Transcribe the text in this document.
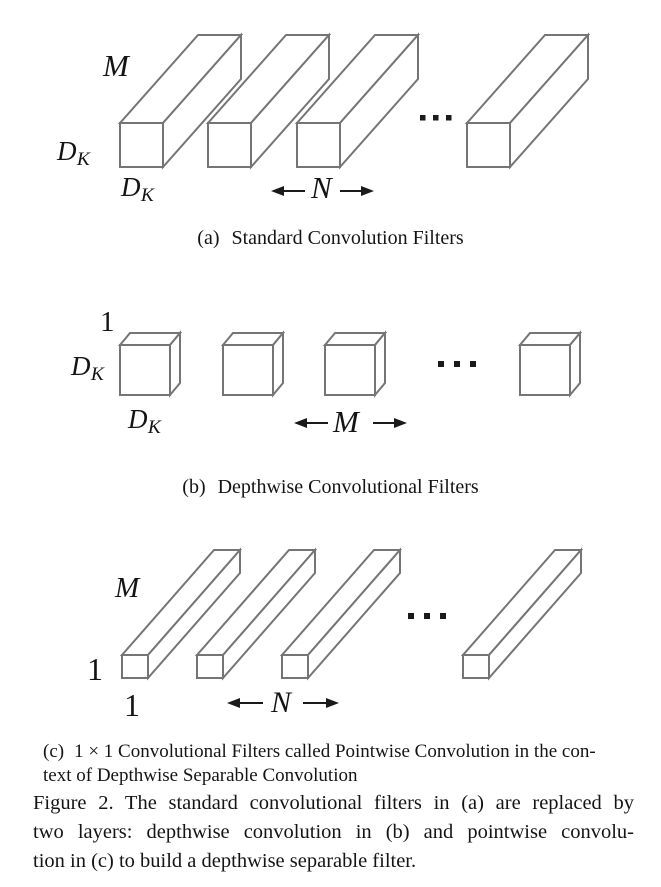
M
$D_K$
$D_K$	N
1
$D_K$
$D_K$	M
M
1
1	N
(a) Standard Convolution Filters
(b) Depthwise Convolutional Filters
(c) 1 × 1 Convolutional Filters called Pointwise Convolution in the con-
text of Depthwise Separable Convolution
Figure 2. The standard convolutional filters in (a) are replaced by
two layers: depthwise convolution in (b) and pointwise convolu-
tion in (c) to build a depthwise separable filter.
